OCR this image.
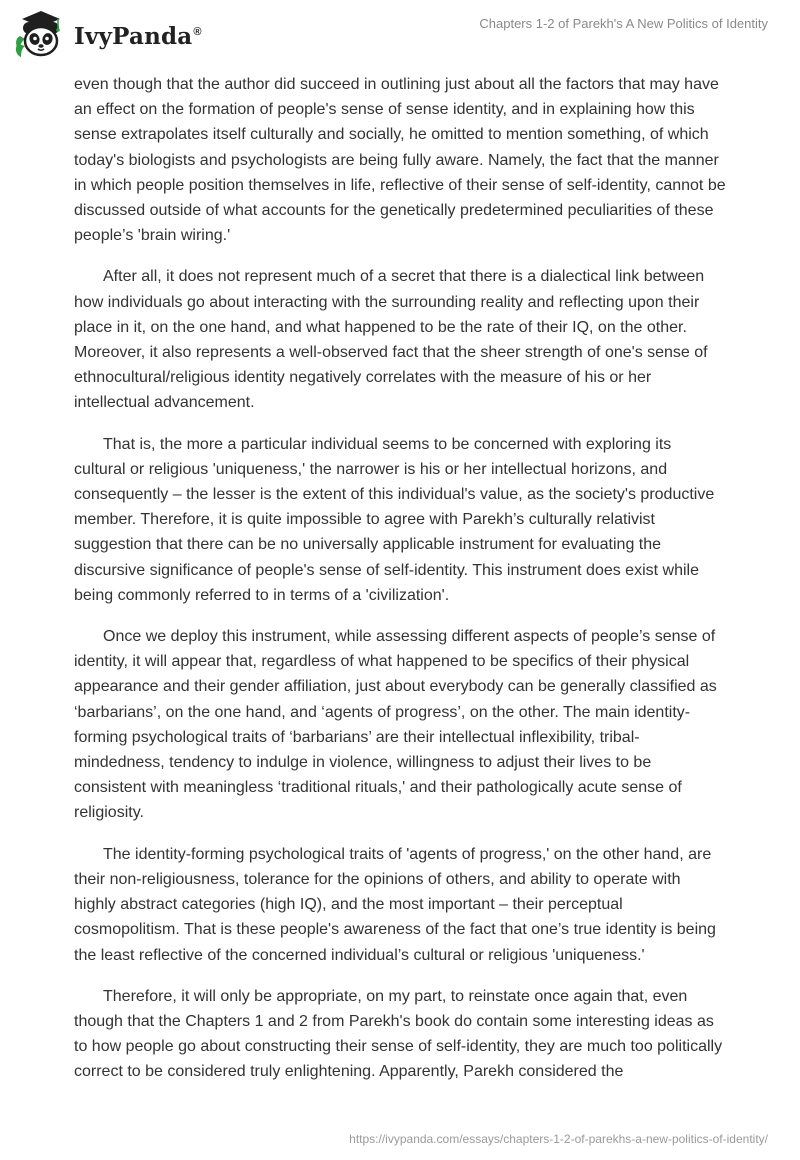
IvyPanda®
Chapters 1-2 of Parekh's A New Politics of Identity

even though that the author did succeed in outlining just about all the factors that may have an effect on the formation of people's sense of sense identity, and in explaining how this sense extrapolates itself culturally and socially, he omitted to mention something, of which today's biologists and psychologists are being fully aware. Namely, the fact that the manner in which people position themselves in life, reflective of their sense of self-identity, cannot be discussed outside of what accounts for the genetically predetermined peculiarities of these people’s 'brain wiring.'

After all, it does not represent much of a secret that there is a dialectical link between how individuals go about interacting with the surrounding reality and reflecting upon their place in it, on the one hand, and what happened to be the rate of their IQ, on the other. Moreover, it also represents a well-observed fact that the sheer strength of one's sense of ethnocultural/religious identity negatively correlates with the measure of his or her intellectual advancement.

That is, the more a particular individual seems to be concerned with exploring its cultural or religious 'uniqueness,' the narrower is his or her intellectual horizons, and consequently – the lesser is the extent of this individual's value, as the society's productive member. Therefore, it is quite impossible to agree with Parekh’s culturally relativist suggestion that there can be no universally applicable instrument for evaluating the discursive significance of people's sense of self-identity. This instrument does exist while being commonly referred to in terms of a 'civilization'.

Once we deploy this instrument, while assessing different aspects of people’s sense of identity, it will appear that, regardless of what happened to be specifics of their physical appearance and their gender affiliation, just about everybody can be generally classified as ‘barbarians’, on the one hand, and ‘agents of progress’, on the other. The main identity-forming psychological traits of ‘barbarians’ are their intellectual inflexibility, tribal-mindedness, tendency to indulge in violence, willingness to adjust their lives to be consistent with meaningless ‘traditional rituals,' and their pathologically acute sense of religiosity.

The identity-forming psychological traits of 'agents of progress,' on the other hand, are their non-religiousness, tolerance for the opinions of others, and ability to operate with highly abstract categories (high IQ), and the most important – their perceptual cosmopolitism. That is these people's awareness of the fact that one’s true identity is being the least reflective of the concerned individual’s cultural or religious 'uniqueness.'

Therefore, it will only be appropriate, on my part, to reinstate once again that, even though that the Chapters 1 and 2 from Parekh's book do contain some interesting ideas as to how people go about constructing their sense of self-identity, they are much too politically correct to be considered truly enlightening. Apparently, Parekh considered the

https://ivypanda.com/essays/chapters-1-2-of-parekhs-a-new-politics-of-identity/
